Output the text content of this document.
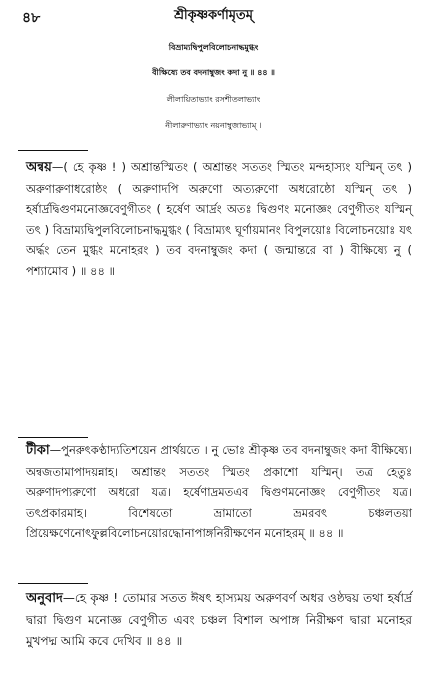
৪৮	শ্রীকৃষ্ণকর্ণামৃতম্
বিভ্রাম্যদ্বিপুলবিলোচনাদ্ধমুগ্ধং
বীক্ষিষ্যে তব বদনাম্বুজং কদা নু ॥ ৪৪ ॥
লীলায়িতাভ্যাং রসশীতলাভ্যাং
নীলারুণাভ্যাং নয়নাম্বুজাভ্যাম্ ।

অন্বয়—( হে কৃষ্ণ ! ) অশ্রান্তস্মিতং ( অশ্রান্তং সততং স্মিতং মন্দহাস্যং যস্মিন্ তৎ ) অরুণারুণাধরোষ্ঠং ( অরুণাদপি অরুণো অত্যরুণো অধরোষ্ঠো যস্মিন্ তৎ ) হর্ষার্দ্রদ্বিগুণমনোজ্ঞবেণুগীতং ( হর্ষেণ আর্দ্রং অতঃ দ্বিগুণং মনোজ্ঞং বেণুগীতং যস্মিন্ তৎ ) বিভ্রাম্যদ্বিপুলবিলোচনাদ্ধমুগ্ধং ( বিভ্রাম্যৎ ঘূর্ণায়মানং বিপুলয়োঃ বিলোচনয়োঃ যৎ অর্দ্ধং তেন মুগ্ধং মনোহরং ) তব বদনাম্বুজং কদা ( জন্মান্তরে বা ) বীক্ষিষ্যে নু ( পশ্যামোব ) ॥ ৪৪ ॥

টীকা—পুনরুৎকণ্ঠাদ্যতিশয়েন প্রার্থয়তে । নু ভোঃ শ্রীকৃষ্ণ তব বদনাম্বুজং কদা বীক্ষিষ্যে। অন্বজতামাপাদয়ন্নাহ। অশ্রান্তং সততং স্মিতং প্রকাশো যস্মিন্। তত্র হেতুঃ অরুণাদপ্যরুণো অধরো যত্র। হর্ষেণাদ্রমতএব দ্বিগুণমনোজ্ঞং বেণুগীতং যত্র। তৎপ্রকারমাহ। বিশেষতো ভ্রামাতো ভ্রমরবৎ চঞ্চলতয়া প্রিয়েক্ষণেনোৎফুল্লবিলোচনয়োরদ্ধোনাপাঙ্গনিরীক্ষণেন মনোহরম্ ॥ ৪৪ ॥

অনুবাদ—হে কৃষ্ণ ! তোমার সতত ঈষৎ হাস্যময় অরুণবর্ণ অধর ওষ্ঠদ্বয় তথা হর্ষার্দ্র দ্বারা দ্বিগুণ মনোজ্ঞ বেণুগীত এবং চঞ্চল বিশাল অপাঙ্গ নিরীক্ষণ দ্বারা মনোহর মুখপদ্ম আমি কবে দেখিব ॥ ৪৪ ॥
